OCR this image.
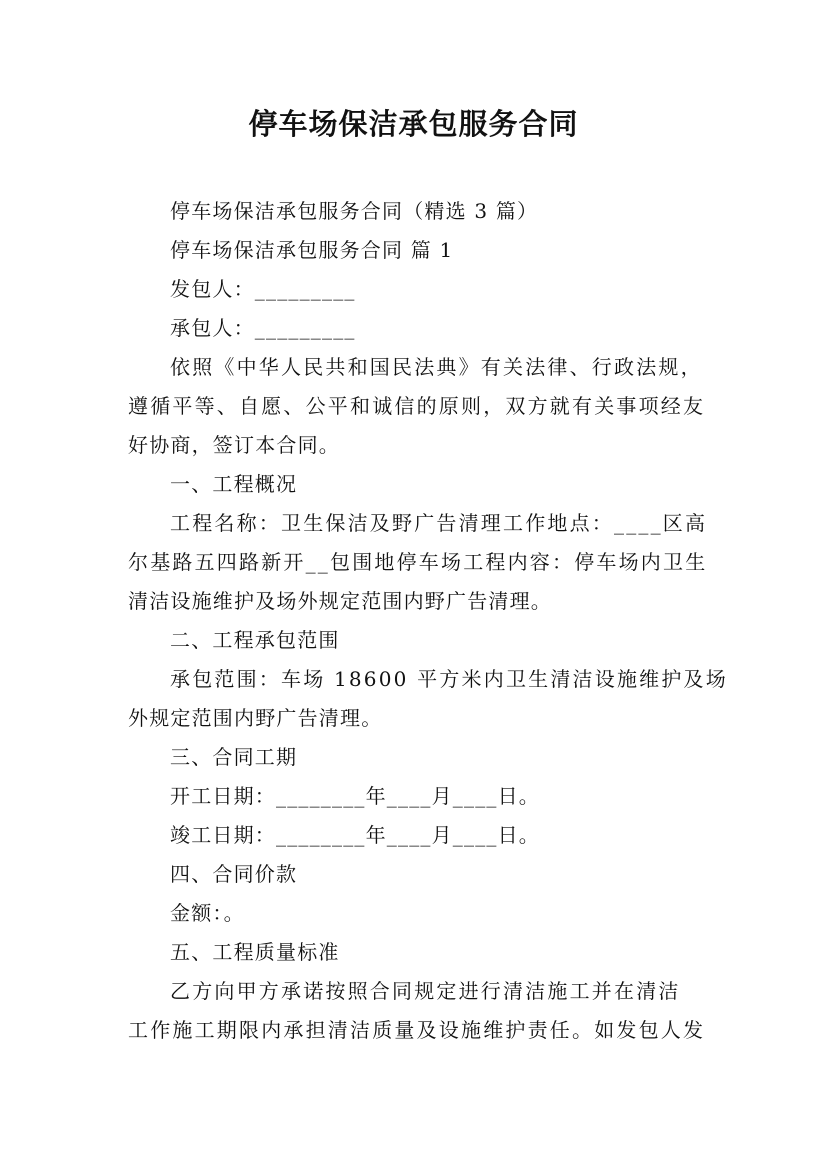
停车场保洁承包服务合同
停车场保洁承包服务合同（精选 3 篇）
停车场保洁承包服务合同 篇 1
发包人：_________
承包人：_________
依照《中华人民共和国民法典》有关法律、行政法规，
遵循平等、自愿、公平和诚信的原则，双方就有关事项经友
好协商，签订本合同。
一、工程概况
工程名称：卫生保洁及野广告清理工作地点：____区高
尔基路五四路新开__包围地停车场工程内容：停车场内卫生
清洁设施维护及场外规定范围内野广告清理。
二、工程承包范围
承包范围：车场 18600 平方米内卫生清洁设施维护及场
外规定范围内野广告清理。
三、合同工期
开工日期：________年____月____日。
竣工日期：________年____月____日。
四、合同价款
金额：。
五、工程质量标准
乙方向甲方承诺按照合同规定进行清洁施工并在清洁
工作施工期限内承担清洁质量及设施维护责任。如发包人发
